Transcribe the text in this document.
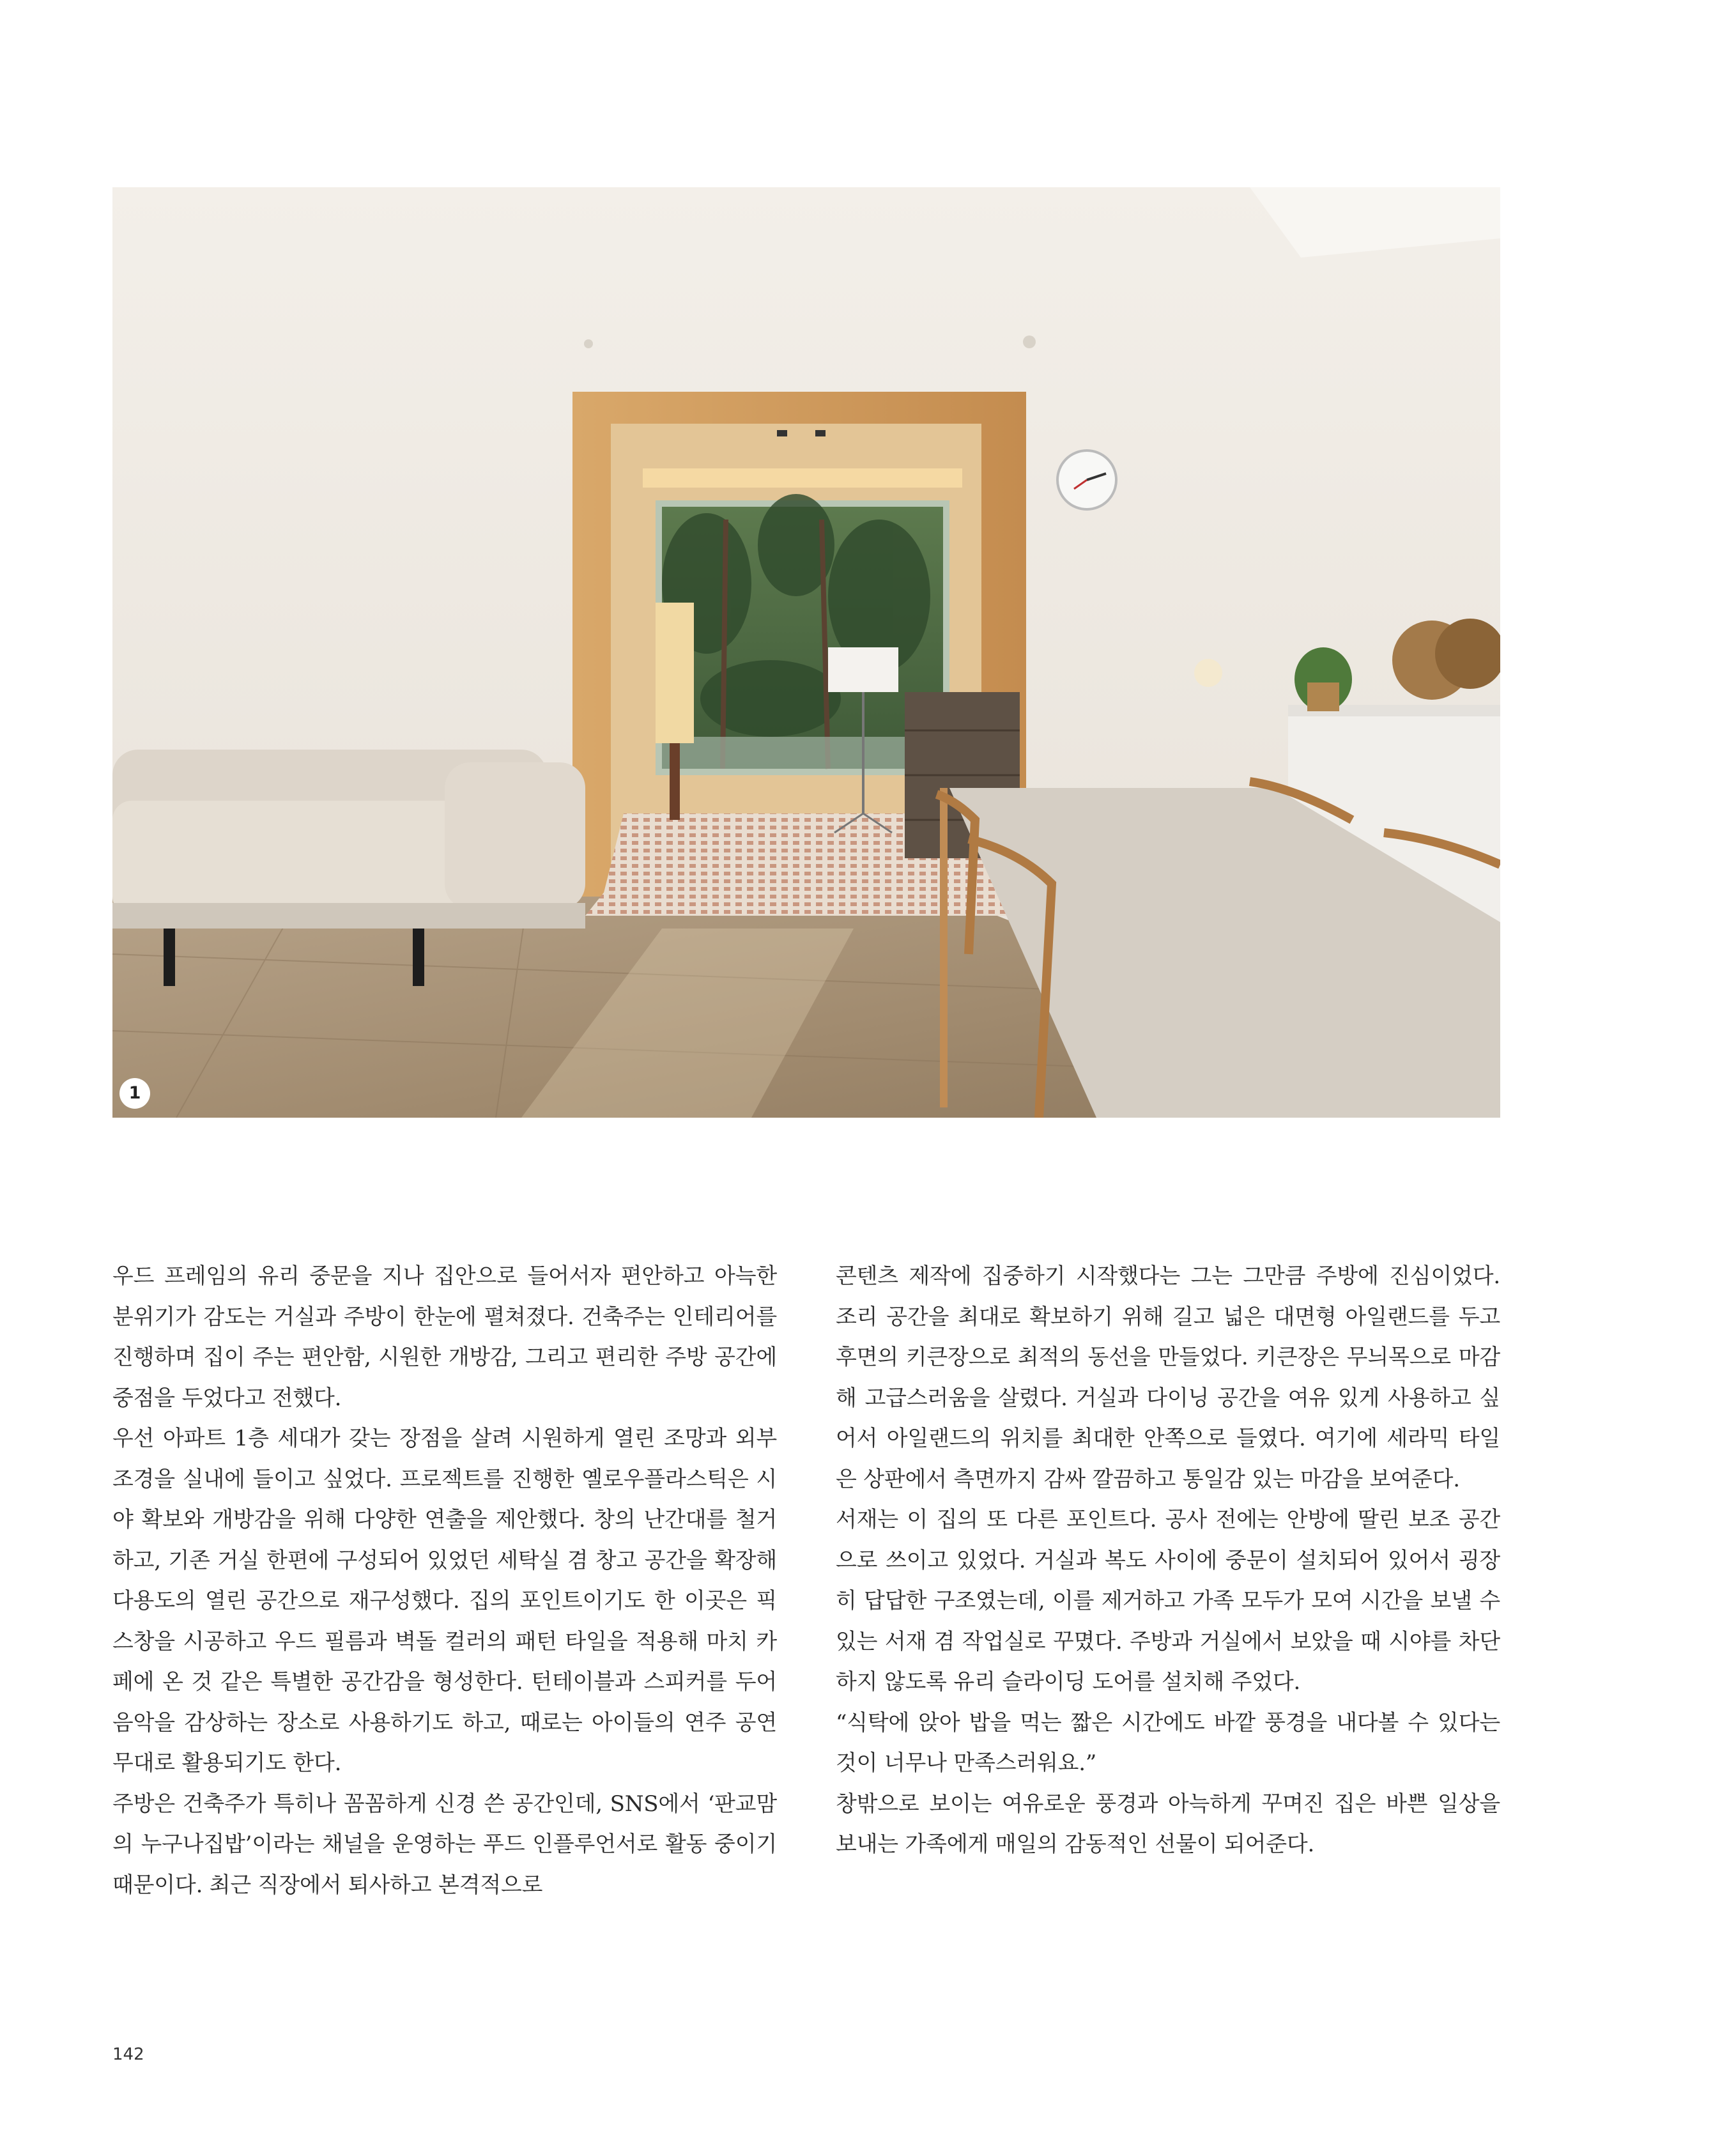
1

우드 프레임의 유리 중문을 지나 집안으로 들어서자 편안하고 아늑한 분위기가 감도는 거실과 주방이 한눈에 펼쳐졌다. 건축주는 인테리어를 진행하며 집이 주는 편안함, 시원한 개방감, 그리고 편리한 주방 공간에 중점을 두었다고 전했다.

우선 아파트 1층 세대가 갖는 장점을 살려 시원하게 열린 조망과 외부 조경을 실내에 들이고 싶었다. 프로젝트를 진행한 옐로우플라스틱은 시야 확보와 개방감을 위해 다양한 연출을 제안했다. 창의 난간대를 철거하고, 기존 거실 한편에 구성되어 있었던 세탁실 겸 창고 공간을 확장해 다용도의 열린 공간으로 재구성했다. 집의 포인트이기도 한 이곳은 픽스창을 시공하고 우드 필름과 벽돌 컬러의 패턴 타일을 적용해 마치 카페에 온 것 같은 특별한 공간감을 형성한다. 턴테이블과 스피커를 두어 음악을 감상하는 장소로 사용하기도 하고, 때로는 아이들의 연주 공연 무대로 활용되기도 한다.

주방은 건축주가 특히나 꼼꼼하게 신경 쓴 공간인데, SNS에서 ‘판교맘의 누구나집밥’이라는 채널을 운영하는 푸드 인플루언서로 활동 중이기 때문이다. 최근 직장에서 퇴사하고 본격적으로

콘텐츠 제작에 집중하기 시작했다는 그는 그만큼 주방에 진심이었다. 조리 공간을 최대로 확보하기 위해 길고 넓은 대면형 아일랜드를 두고 후면의 키큰장으로 최적의 동선을 만들었다. 키큰장은 무늬목으로 마감해 고급스러움을 살렸다. 거실과 다이닝 공간을 여유 있게 사용하고 싶어서 아일랜드의 위치를 최대한 안쪽으로 들였다. 여기에 세라믹 타일은 상판에서 측면까지 감싸 깔끔하고 통일감 있는 마감을 보여준다.

서재는 이 집의 또 다른 포인트다. 공사 전에는 안방에 딸린 보조 공간으로 쓰이고 있었다. 거실과 복도 사이에 중문이 설치되어 있어서 굉장히 답답한 구조였는데, 이를 제거하고 가족 모두가 모여 시간을 보낼 수 있는 서재 겸 작업실로 꾸몄다. 주방과 거실에서 보았을 때 시야를 차단하지 않도록 유리 슬라이딩 도어를 설치해 주었다.

“식탁에 앉아 밥을 먹는 짧은 시간에도 바깥 풍경을 내다볼 수 있다는 것이 너무나 만족스러워요.”

창밖으로 보이는 여유로운 풍경과 아늑하게 꾸며진 집은 바쁜 일상을 보내는 가족에게 매일의 감동적인 선물이 되어준다.

142
